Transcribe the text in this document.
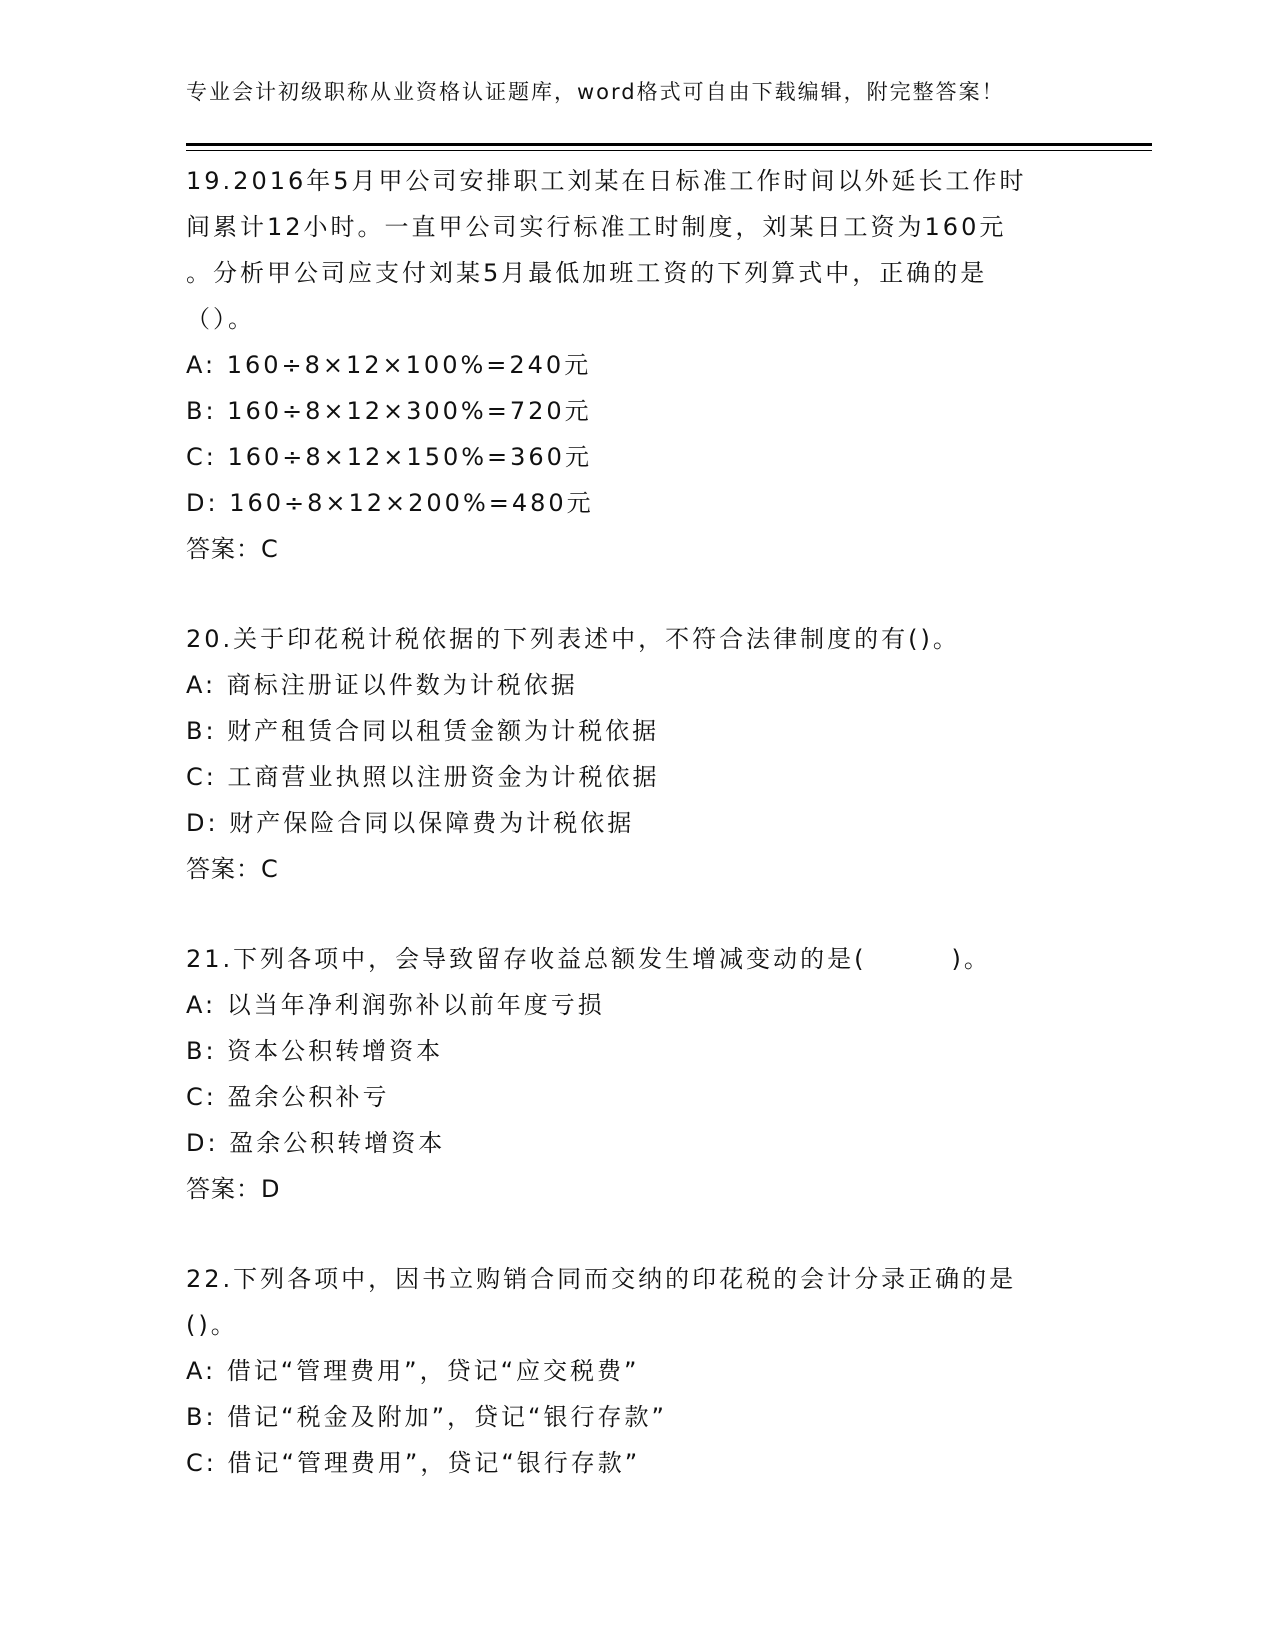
专业会计初级职称从业资格认证题库，word格式可自由下载编辑，附完整答案！
19.2016年5月甲公司安排职工刘某在日标准工作时间以外延长工作时
间累计12小时。一直甲公司实行标准工时制度，刘某日工资为160元
。分析甲公司应支付刘某5月最低加班工资的下列算式中，正确的是
（）。
A: 160÷8×12×100%=240元
B: 160÷8×12×300%=720元
C: 160÷8×12×150%=360元
D: 160÷8×12×200%=480元
答案：C
20.关于印花税计税依据的下列表述中，不符合法律制度的有()。
A: 商标注册证以件数为计税依据
B: 财产租赁合同以租赁金额为计税依据
C: 工商营业执照以注册资金为计税依据
D: 财产保险合同以保障费为计税依据
答案：C
21.下列各项中，会导致留存收益总额发生增减变动的是(        )。
A: 以当年净利润弥补以前年度亏损
B: 资本公积转增资本
C: 盈余公积补亏
D: 盈余公积转增资本
答案：D
22.下列各项中，因书立购销合同而交纳的印花税的会计分录正确的是
()。
A: 借记“管理费用”，贷记“应交税费”
B: 借记“税金及附加”，贷记“银行存款”
C: 借记“管理费用”，贷记“银行存款”
